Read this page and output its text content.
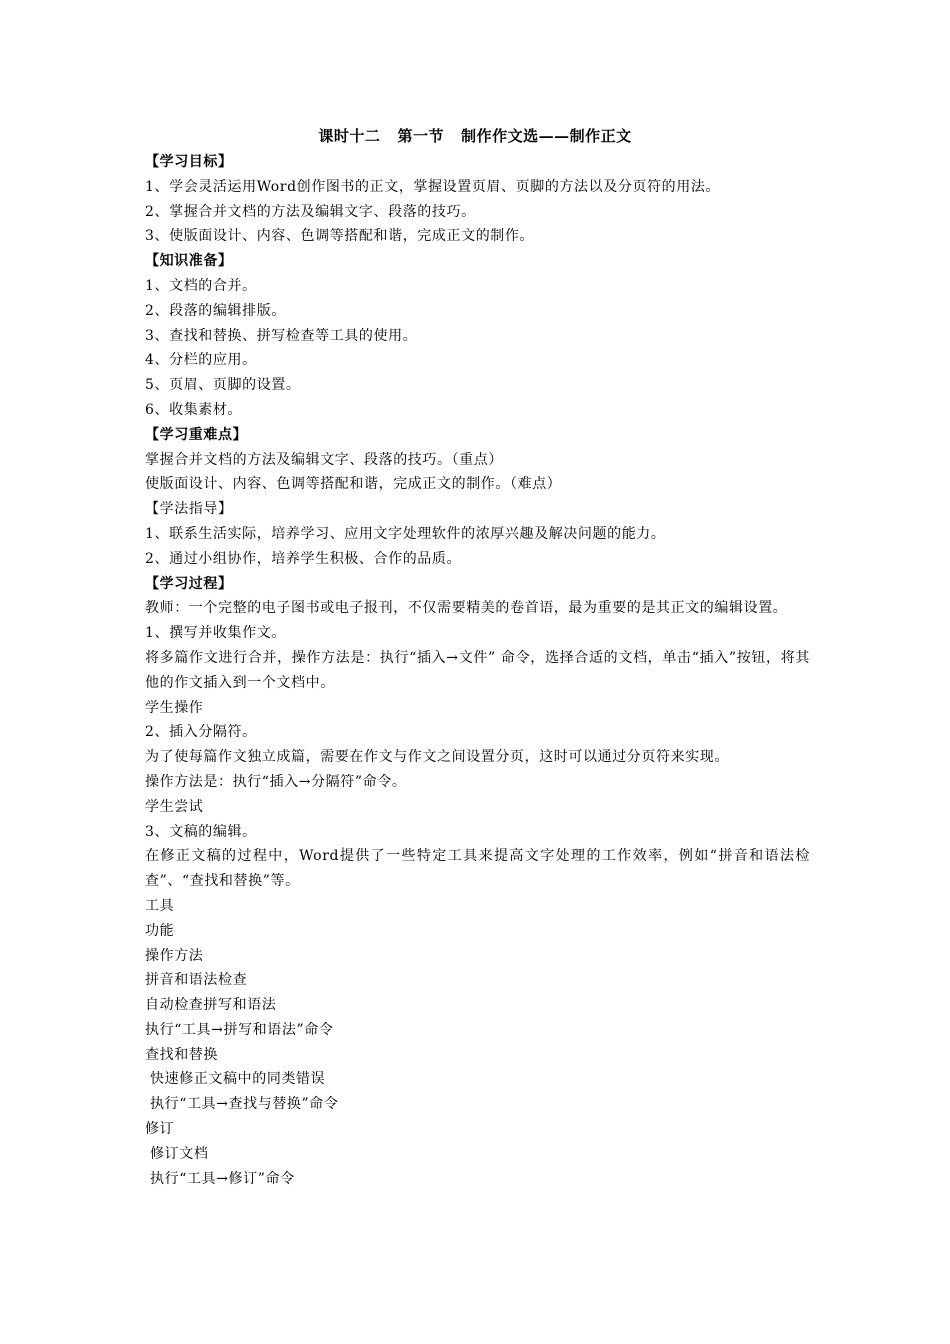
课时十二   第一节   制作作文选——制作正文
【学习目标】
1、学会灵活运用Word创作图书的正文，掌握设置页眉、页脚的方法以及分页符的用法。
2、掌握合并文档的方法及编辑文字、段落的技巧。
3、使版面设计、内容、色调等搭配和谐，完成正文的制作。
【知识准备】
1、文档的合并。
2、段落的编辑排版。
3、查找和替换、拼写检查等工具的使用。
4、分栏的应用。
5、页眉、页脚的设置。
6、收集素材。
【学习重难点】
掌握合并文档的方法及编辑文字、段落的技巧。（重点）
使版面设计、内容、色调等搭配和谐，完成正文的制作。（难点）
【学法指导】
1、联系生活实际，培养学习、应用文字处理软件的浓厚兴趣及解决问题的能力。
2、通过小组协作，培养学生积极、合作的品质。
【学习过程】
教师：一个完整的电子图书或电子报刊，不仅需要精美的卷首语，最为重要的是其正文的编辑设置。
1、撰写并收集作文。
将多篇作文进行合并，操作方法是：执行“插入→文件” 命令，选择合适的文档，单击“插入”按钮，将其他的作文插入到一个文档中。
学生操作
2、插入分隔符。
为了使每篇作文独立成篇，需要在作文与作文之间设置分页，这时可以通过分页符来实现。
操作方法是：执行“插入→分隔符”命令。
学生尝试
3、文稿的编辑。
在修正文稿的过程中，Word提供了一些特定工具来提高文字处理的工作效率，例如“拼音和语法检查”、“查找和替换”等。
工具
功能
操作方法
拼音和语法检查
自动检查拼写和语法
执行“工具→拼写和语法”命令
查找和替换
快速修正文稿中的同类错误
执行“工具→查找与替换”命令
修订
修订文档
执行“工具→修订”命令
